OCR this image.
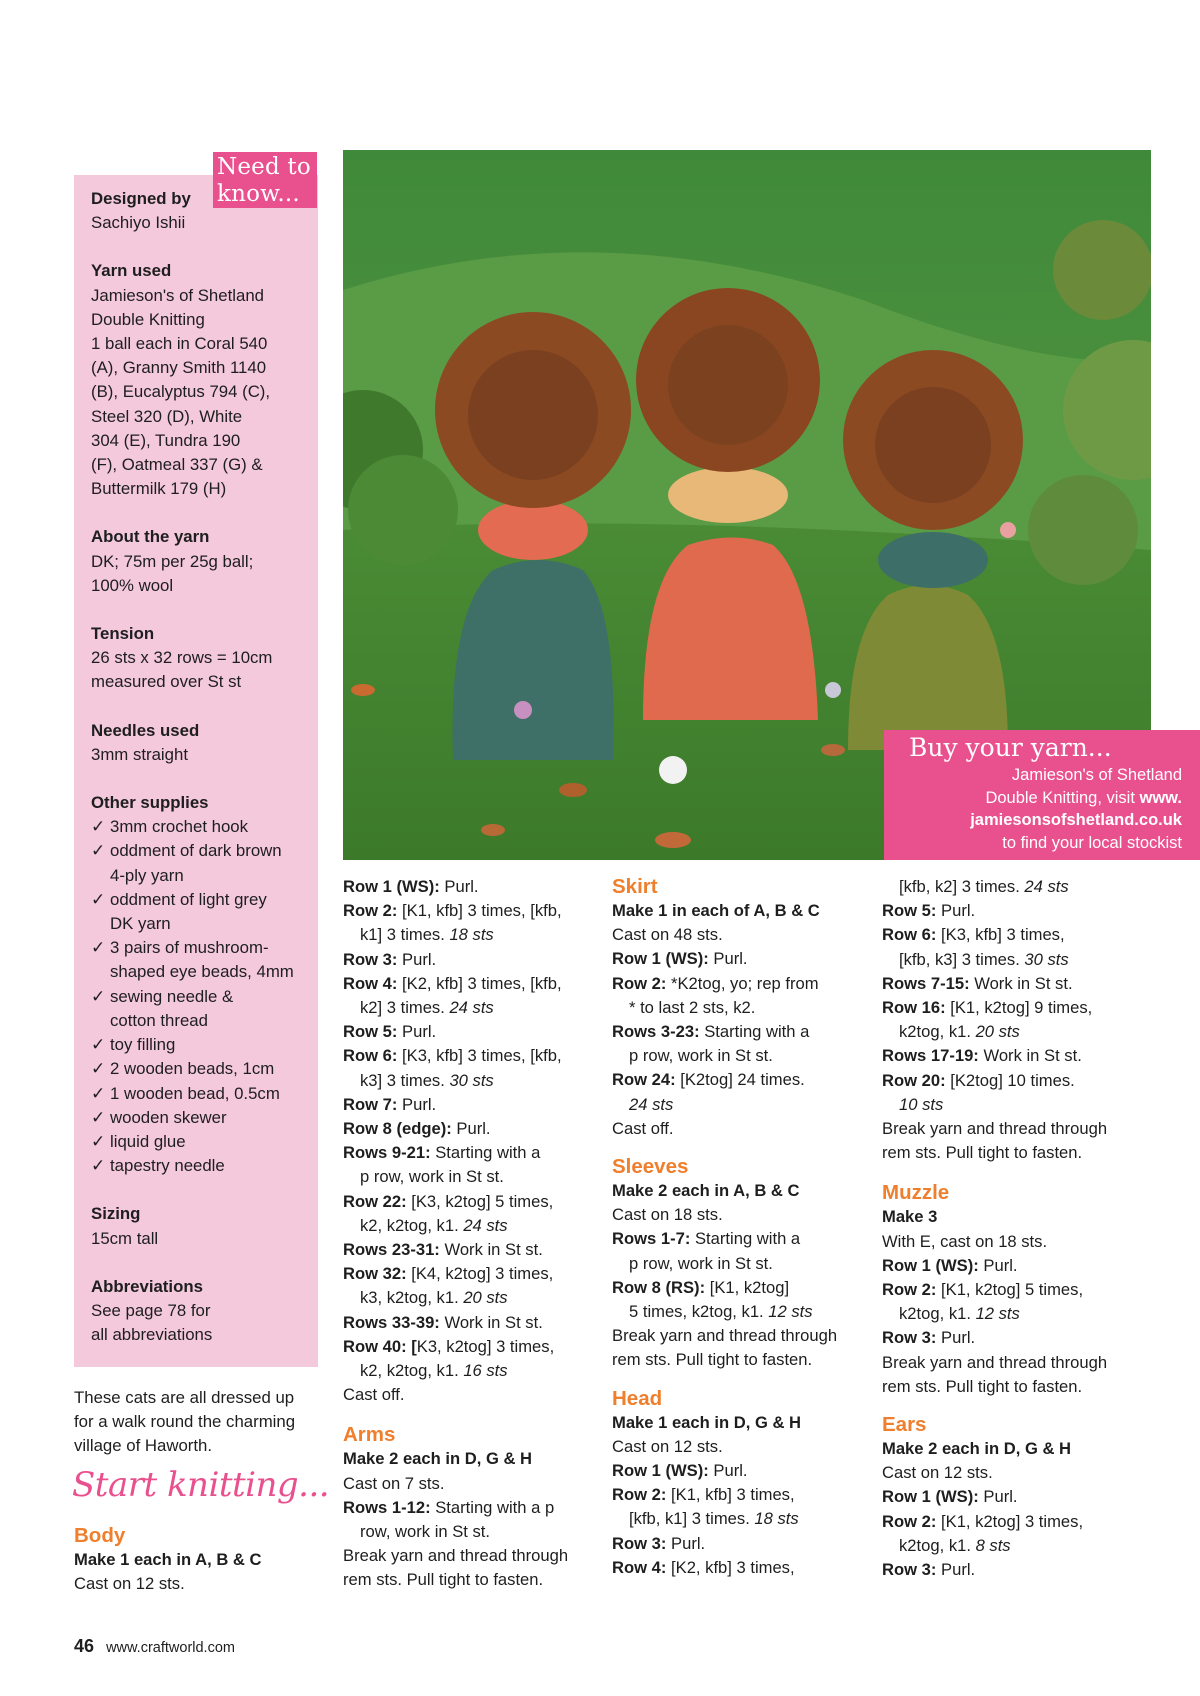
Need to
know...
Designed by

Sachiyo Ishii

Yarn used

Jamieson's of Shetland
Double Knitting
1 ball each in Coral 540
(A), Granny Smith 1140
(B), Eucalyptus 794 (C),
Steel 320 (D), White
304 (E), Tundra 190
(F), Oatmeal 337 (G) &
Buttermilk 179 (H)

About the yarn

DK; 75m per 25g ball;
100% wool

Tension

26 sts x 32 rows = 10cm
measured over St st

Needles used

3mm straight

Other supplies
✓ 3mm crochet hook
✓ oddment of dark brown
4-ply yarn
✓ oddment of light grey
DK yarn
✓ 3 pairs of mushroom-
shaped eye beads, 4mm
✓ sewing needle &
cotton thread
✓ toy filling
✓ 2 wooden beads, 1cm
✓ 1 wooden bead, 0.5cm
✓ wooden skewer
✓ liquid glue
✓ tapestry needle
Sizing

15cm tall

Abbreviations

See page 78 for
all abbreviations

These cats are all dressed up
for a walk round the charming
village of Haworth.
Start knitting...
Buy your yarn...

Jamieson's of Shetland

Double Knitting, visit www.

jamiesonsofshetland.co.uk

to find your local stockist

Body
Make 1 each in A, B & C
Cast on 12 sts.
Row 1 (WS): Purl.
Row 2: [K1, kfb] 3 times, [kfb,
k1] 3 times. 18 sts
Row 3: Purl.
Row 4: [K2, kfb] 3 times, [kfb,
k2] 3 times. 24 sts
Row 5: Purl.
Row 6: [K3, kfb] 3 times, [kfb,
k3] 3 times. 30 sts
Row 7: Purl.
Row 8 (edge): Purl.
Rows 9-21: Starting with a
p row, work in St st.
Row 22: [K3, k2tog] 5 times,
k2, k2tog, k1. 24 sts
Rows 23-31: Work in St st.
Row 32: [K4, k2tog] 3 times,
k3, k2tog, k1. 20 sts
Rows 33-39: Work in St st.
Row 40: [K3, k2tog] 3 times,
k2, k2tog, k1. 16 sts
Cast off.
Arms
Make 2 each in D, G & H
Cast on 7 sts.
Rows 1-12: Starting with a p
row, work in St st.
Break yarn and thread through
rem sts. Pull tight to fasten.
Skirt
Make 1 in each of A, B & C
Cast on 48 sts.
Row 1 (WS): Purl.
Row 2: *K2tog, yo; rep from
* to last 2 sts, k2.
Rows 3-23: Starting with a
p row, work in St st.
Row 24: [K2tog] 24 times.
24 sts
Cast off.
Sleeves
Make 2 each in A, B & C
Cast on 18 sts.
Rows 1-7: Starting with a
p row, work in St st.
Row 8 (RS): [K1, k2tog]
5 times, k2tog, k1. 12 sts
Break yarn and thread through
rem sts. Pull tight to fasten.
Head
Make 1 each in D, G & H
Cast on 12 sts.
Row 1 (WS): Purl.
Row 2: [K1, kfb] 3 times,
[kfb, k1] 3 times. 18 sts
Row 3: Purl.
Row 4: [K2, kfb] 3 times,
[kfb, k2] 3 times. 24 sts
Row 5: Purl.
Row 6: [K3, kfb] 3 times,
[kfb, k3] 3 times. 30 sts
Rows 7-15: Work in St st.
Row 16: [K1, k2tog] 9 times,
k2tog, k1. 20 sts
Rows 17-19: Work in St st.
Row 20: [K2tog] 10 times.
10 sts
Break yarn and thread through
rem sts. Pull tight to fasten.
Muzzle
Make 3
With E, cast on 18 sts.
Row 1 (WS): Purl.
Row 2: [K1, k2tog] 5 times,
k2tog, k1. 12 sts
Row 3: Purl.
Break yarn and thread through
rem sts. Pull tight to fasten.
Ears
Make 2 each in D, G & H
Cast on 12 sts.
Row 1 (WS): Purl.
Row 2: [K1, k2tog] 3 times,
k2tog, k1. 8 sts
Row 3: Purl.
46 www.craftworld.com
